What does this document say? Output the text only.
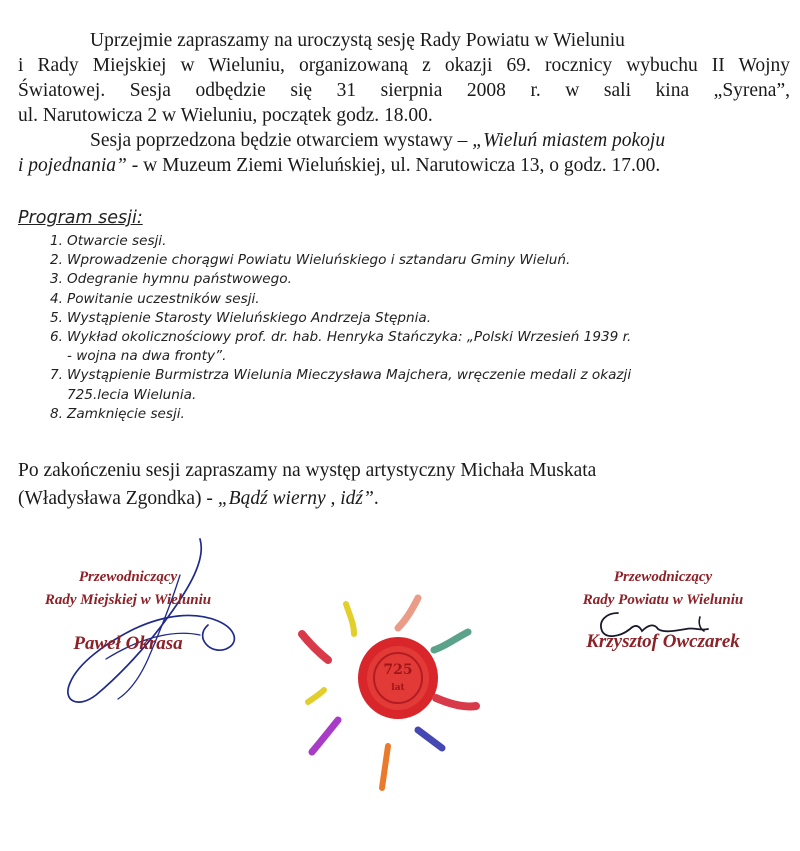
Uprzejmie zapraszamy na uroczystą sesję Rady Powiatu w Wieluniu
i Rady Miejskiej w Wieluniu, organizowaną z okazji 69. rocznicy wybuchu II Wojny
Światowej. Sesja odbędzie się 31 sierpnia 2008 r. w sali kina „Syrena”,
ul. Narutowicza 2 w Wieluniu, początek godz. 18.00.
Sesja poprzedzona będzie otwarciem wystawy – „Wieluń miastem pokoju
i pojednania” - w Muzeum Ziemi Wieluńskiej, ul. Narutowicza 13, o godz. 17.00.
Program sesji:
1. Otwarcie sesji.
2. Wprowadzenie chorągwi Powiatu Wieluńskiego i sztandaru Gminy Wieluń.
3. Odegranie hymnu państwowego.
4. Powitanie uczestników sesji.
5. Wystąpienie Starosty Wieluńskiego Andrzeja Stępnia.
6. Wykład okolicznościowy prof. dr. hab. Henryka Stańczyka: „Polski Wrzesień 1939 r.
- wojna na dwa fronty”.
7. Wystąpienie Burmistrza Wielunia Mieczysława Majchera, wręczenie medali z okazji
725.lecia Wielunia.
8. Zamknięcie sesji.
Po zakończeniu sesji zapraszamy na występ artystyczny Michała Muskata
(Władysława Zgondka) - „Bądź wierny , idź”.
Przewodniczący
Rady Miejskiej w Wieluniu
Paweł Okrasa
725
lat
Przewodniczący
Rady Powiatu w Wieluniu
Krzysztof Owczarek
